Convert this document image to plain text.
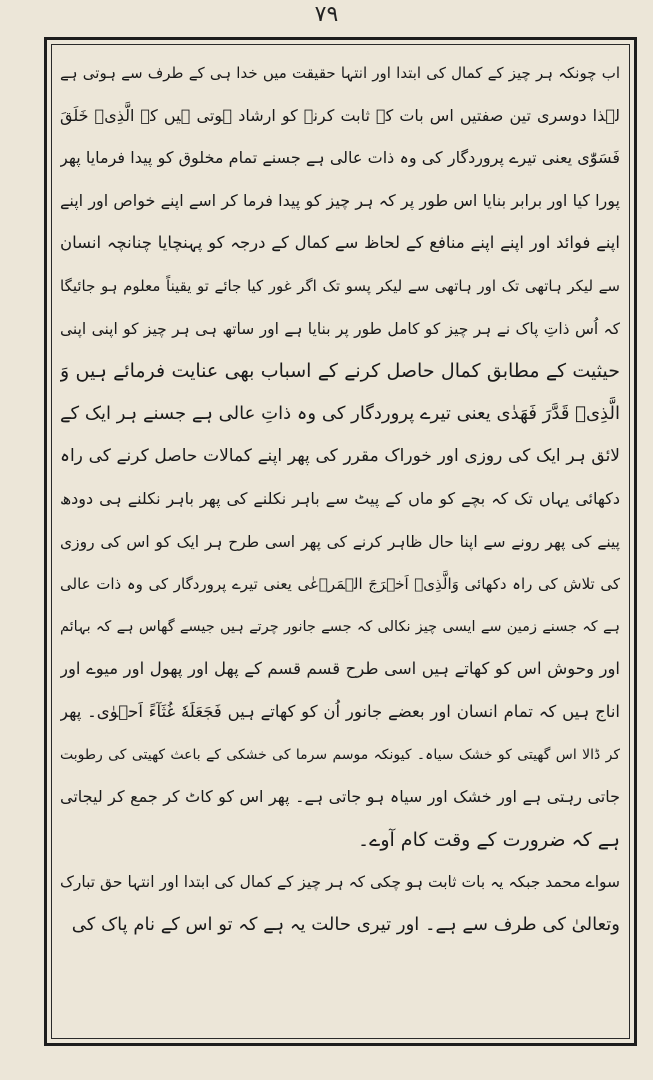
۷۹
اب چونکہ ہر چیز کے کمال کی ابتدا اور انتہا حقیقت میں خدا ہی کے طرف سے ہوتی ہے
لہذا دوسری تین صفتیں اس بات کے ثابت کرنے کو ارشاد ہوتی ہیں کہ الَّذِیۡ خَلَقَ
فَسَوّٰی یعنی تیرے پروردگار کی وہ ذات عالی ہے جسنے تمام مخلوق کو پیدا فرمایا پھر
پورا کیا اور برابر بنایا اس طور پر کہ ہر چیز کو پیدا فرما کر اسے اپنے خواص اور اپنے
اپنے فوائد اور اپنے اپنے منافع کے لحاظ سے کمال کے درجہ کو پہنچایا چنانچہ انسان
سے لیکر ہاتھی تک اور ہاتھی سے لیکر پسو تک اگر غور کیا جائے تو یقیناً معلوم ہو جائیگا
کہ اُس ذاتِ پاک نے ہر چیز کو کامل طور پر بنایا ہے اور ساتھ ہی ہر چیز کو اپنی اپنی
حیثیت کے مطابق کمال حاصل کرنے کے اسباب بھی عنایت فرمائے ہیں وَ
الَّذِیۡ قَدَّرَ فَهَدٰی یعنی تیرے پروردگار کی وہ ذاتِ عالی ہے جسنے ہر ایک کے
لائق ہر ایک کی روزی اور خوراک مقرر کی پھر اپنے کمالات حاصل کرنے کی راہ
دکھائی یہاں تک کہ بچے کو ماں کے پیٹ سے باہر نکلنے کی پھر باہر نکلنے ہی دودھ
پینے کی پھر رونے سے اپنا حال ظاہر کرنے کی پھر اسی طرح ہر ایک کو اس کی روزی
کی تلاش کی راہ دکھائی وَالَّذِیۡ اَخۡرَجَ الۡمَرۡعٰی یعنی تیرے پروردگار کی وہ ذات عالی
ہے کہ جسنے زمین سے ایسی چیز نکالی کہ جسے جانور چرتے ہیں جیسے گھاس ہے کہ بہائم
اور وحوش اس کو کھاتے ہیں اسی طرح قسم قسم کے پھل اور پھول اور میوے اور
اناج ہیں کہ تمام انسان اور بعضے جانور اُن کو کھاتے ہیں فَجَعَلَهٗ غُثَآءً اَحۡوٰی۔ پھر
کر ڈالا اس گھیتی کو خشک سیاہ۔ کیونکہ موسم سرما کی خشکی کے باعث کھیتی کی رطوبت
جاتی رہتی ہے اور خشک اور سیاہ ہو جاتی ہے۔ پھر اس کو کاٹ کر جمع کر لیجاتی
ہے کہ ضرورت کے وقت کام آوے۔
سواے محمد جبکہ یہ بات ثابت ہو چکی کہ ہر چیز کے کمال کی ابتدا اور انتہا حق تبارک
وتعالیٰ کی طرف سے ہے۔ اور تیری حالت یہ ہے کہ تو اس کے نام پاک کی
